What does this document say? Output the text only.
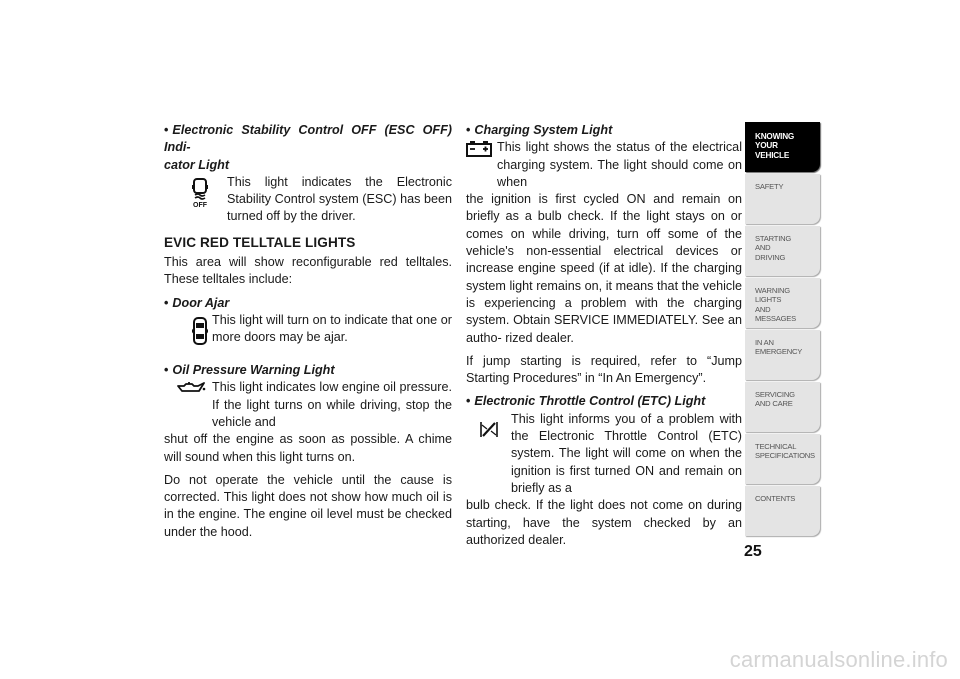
• Electronic Stability Control OFF (ESC OFF) Indi-
cator Light

OFF

This light indicates the Electronic Stability Control system (ESC) has been turned off by the driver.

EVIC RED TELLTALE LIGHTS

This area will show reconfigurable red telltales. These telltales include:

• Door Ajar

This light will turn on to indicate that one or more doors may be ajar.

• Oil Pressure Warning Light

This light indicates low engine oil pressure. If the light turns on while driving, stop the vehicle and

shut off the engine as soon as possible. A chime will sound when this light turns on.

Do not operate the vehicle until the cause is corrected. This light does not show how much oil is in the engine. The engine oil level must be checked under the hood.

• Charging System Light

This light shows the status of the electrical charging system. The light should come on when

the ignition is first cycled ON and remain on briefly as a bulb check. If the light stays on or comes on while driving, turn off some of the vehicle's non-essential electrical devices or increase engine speed (if at idle). If the charging system light remains on, it means that the vehicle is experiencing a problem with the charging system. Obtain SERVICE IMMEDIATELY. See an autho- rized dealer.

If jump starting is required, refer to “Jump Starting Procedures” in “In An Emergency”.

• Electronic Throttle Control (ETC) Light

This light informs you of a problem with the Electronic Throttle Control (ETC) system. The light will come on when the ignition is first turned ON and remain on briefly as a

bulb check. If the light does not come on during starting, have the system checked by an authorized dealer.

KNOWING
YOUR
VEHICLE
SAFETY
STARTING
AND
DRIVING
WARNING
LIGHTS
AND
MESSAGES
IN AN
EMERGENCY
SERVICING
AND CARE
TECHNICAL
SPECIFICATIONS
CONTENTS
25
carmanualsonline.info
